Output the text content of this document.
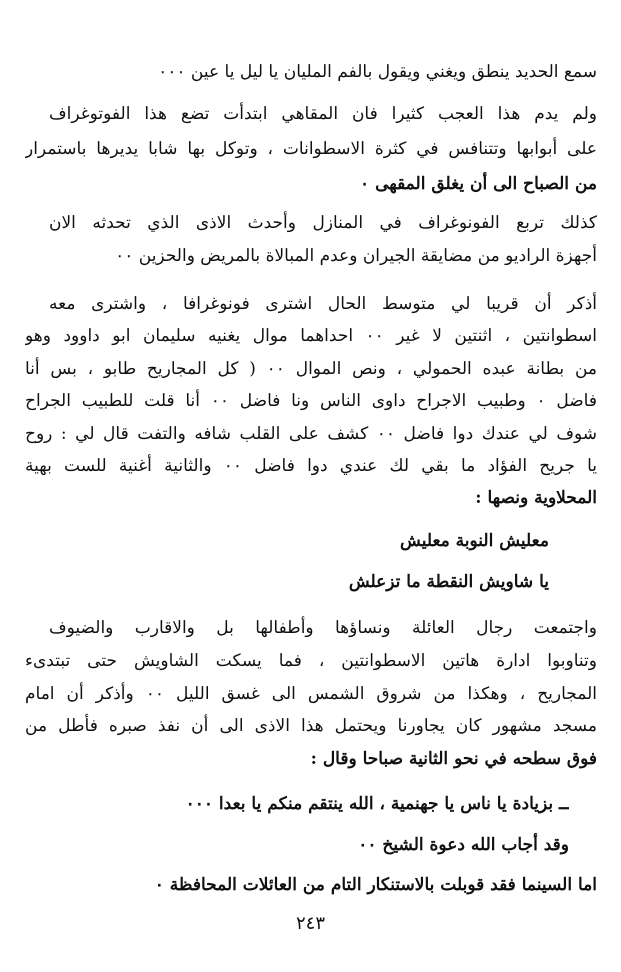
سمع الحديد ينطق ويغني ويقول بالفم المليان يا ليل يا عين ٠٠٠
ولم يدم هذا العجب كثيرا فان المقاهي ابتدأت تضع هذا الفوتوغراف
على أبوابها وتتنافس في كثرة الاسطوانات ، وتوكل بها شابا يديرها باستمرار
من الصباح الى أن يغلق المقهى ٠
كذلك تربع الفونوغراف في المنازل وأحدث الاذى الذي تحدثه الان
أجهزة الراديو من مضايقة الجيران وعدم المبالاة بالمريض والحزين ٠٠
أذكر أن قريبا لي متوسط الحال اشترى فونوغرافا ، واشترى معه
اسطوانتين ، اثنتين لا غير ٠٠ احداهما موال يغنيه سليمان ابو داوود وهو
من بطانة عبده الحمولي ، ونص الموال ٠٠ ( كل المجاريح طابو ، بس أنا
فاضل ٠ وطبيب الاجراح داوى الناس ونا فاضل ٠٠ أنا قلت للطبيب الجراح
شوف لي عندك دوا فاضل ٠٠ كشف على القلب شافه والتفت قال لي : روح
يا جريح الفؤاد ما بقي لك عندي دوا فاضل ٠٠ والثانية أغنية للست بهية
المحلاوية ونصها :
معليش النوبة معليش
يا شاويش النقطة ما تزعلش
واجتمعت رجال العائلة ونساؤها وأطفالها بل والاقارب والضيوف
وتناوبوا ادارة هاتين الاسطوانتين ، فما يسكت الشاويش حتى تبتدىء
المجاريح ، وهكذا من شروق الشمس الى غسق الليل ٠٠ وأذكر أن امام
مسجد مشهور كان يجاورنا ويحتمل هذا الاذى الى أن نفذ صبره فأطل من
فوق سطحه في نحو الثانية صباحا وقال :
ــ بزيادة يا ناس يا جهنمية ، الله ينتقم منكم يا بعدا ٠٠٠
وقد أجاب الله دعوة الشيخ ٠٠
اما السينما فقد قوبلت بالاستنكار التام من العائلات المحافظة ٠
٢٤٣
